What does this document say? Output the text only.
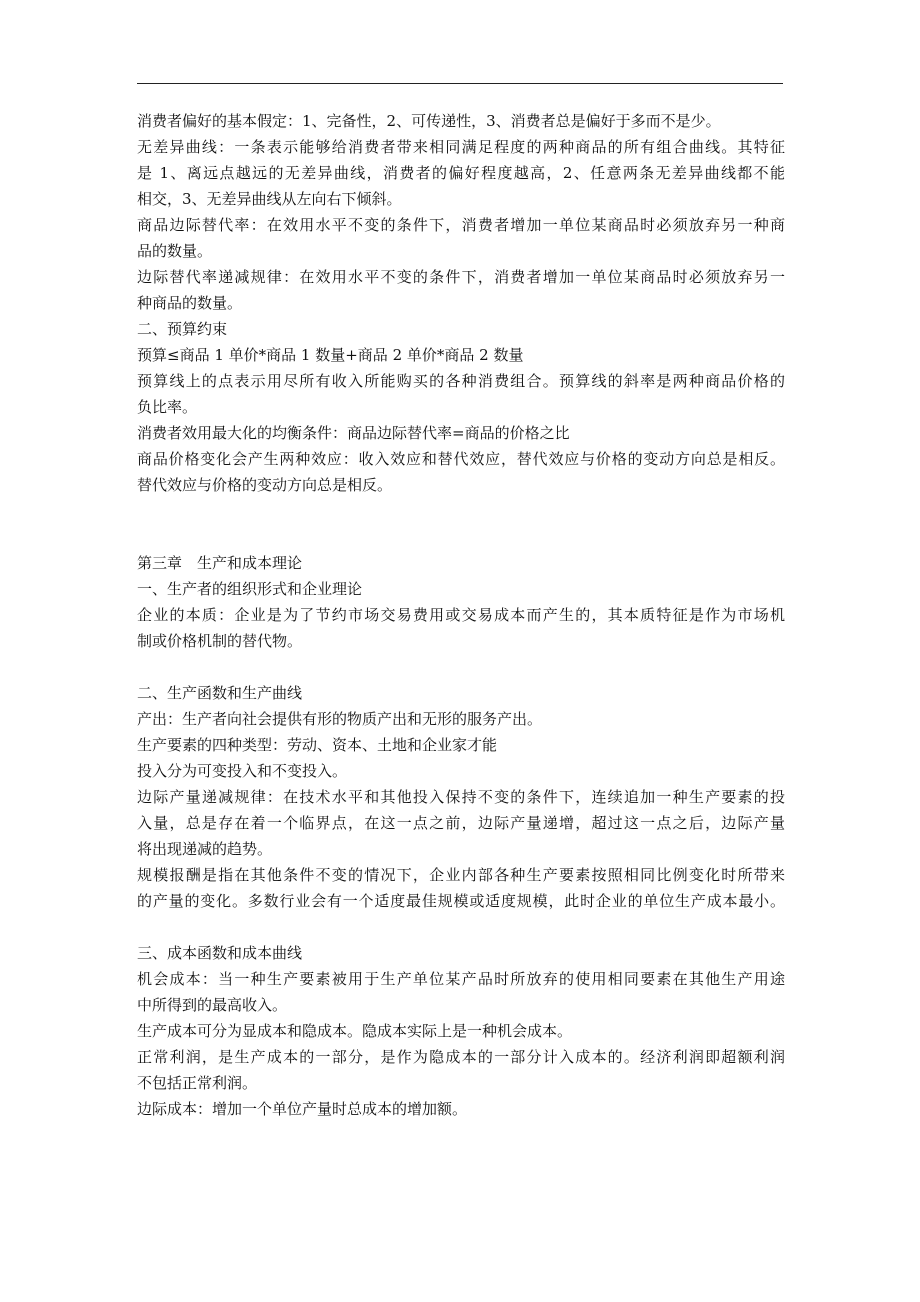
消费者偏好的基本假定：1、完备性，2、可传递性，3、消费者总是偏好于多而不是少。
无差异曲线：一条表示能够给消费者带来相同满足程度的两种商品的所有组合曲线。其特征
是 1、离远点越远的无差异曲线，消费者的偏好程度越高，2、任意两条无差异曲线都不能
相交，3、无差异曲线从左向右下倾斜。
商品边际替代率：在效用水平不变的条件下，消费者增加一单位某商品时必须放弃另一种商
品的数量。
边际替代率递减规律：在效用水平不变的条件下，消费者增加一单位某商品时必须放弃另一
种商品的数量。
二、预算约束
预算≤商品 1 单价*商品 1 数量+商品 2 单价*商品 2 数量
预算线上的点表示用尽所有收入所能购买的各种消费组合。预算线的斜率是两种商品价格的
负比率。
消费者效用最大化的均衡条件：商品边际替代率=商品的价格之比
商品价格变化会产生两种效应：收入效应和替代效应，替代效应与价格的变动方向总是相反。
替代效应与价格的变动方向总是相反。
第三章　生产和成本理论
一、生产者的组织形式和企业理论
企业的本质：企业是为了节约市场交易费用或交易成本而产生的，其本质特征是作为市场机
制或价格机制的替代物。
二、生产函数和生产曲线
产出：生产者向社会提供有形的物质产出和无形的服务产出。
生产要素的四种类型：劳动、资本、土地和企业家才能
投入分为可变投入和不变投入。
边际产量递减规律：在技术水平和其他投入保持不变的条件下，连续追加一种生产要素的投
入量，总是存在着一个临界点，在这一点之前，边际产量递增，超过这一点之后，边际产量
将出现递减的趋势。
规模报酬是指在其他条件不变的情况下，企业内部各种生产要素按照相同比例变化时所带来
的产量的变化。多数行业会有一个适度最佳规模或适度规模，此时企业的单位生产成本最小。
三、成本函数和成本曲线
机会成本：当一种生产要素被用于生产单位某产品时所放弃的使用相同要素在其他生产用途
中所得到的最高收入。
生产成本可分为显成本和隐成本。隐成本实际上是一种机会成本。
正常利润，是生产成本的一部分，是作为隐成本的一部分计入成本的。经济利润即超额利润
不包括正常利润。
边际成本：增加一个单位产量时总成本的增加额。
